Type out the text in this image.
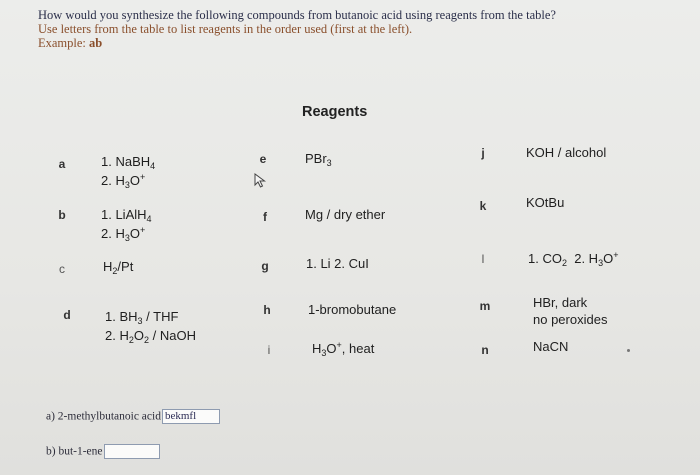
How would you synthesize the following compounds from butanoic acid using reagents from the table?
Use letters from the table to list reagents in the order used (first at the left).
Example: ab
Reagents
a	1. NaBH$_4$
2. $H_3O^+$
b	1. LiAlH$_4$
2. $H_3O^+$
c	$H_2/Pt$
d	1. $BH_3$ / THF
2. $H_2O_2$ / NaOH
e	PBr$_3$
f	Mg / dry ether
g	1. Li 2. CuI
h	1-bromobutane
i	$H_3O^+$, heat
j	KOH / alcohol
k	KOtBu
l	1. $CO_2$  2. $H_3O^+$
m	HBr, dark
no peroxides
n	NaCN
a) 2-methylbutanoic acid bekmfl
b) but-1-ene
